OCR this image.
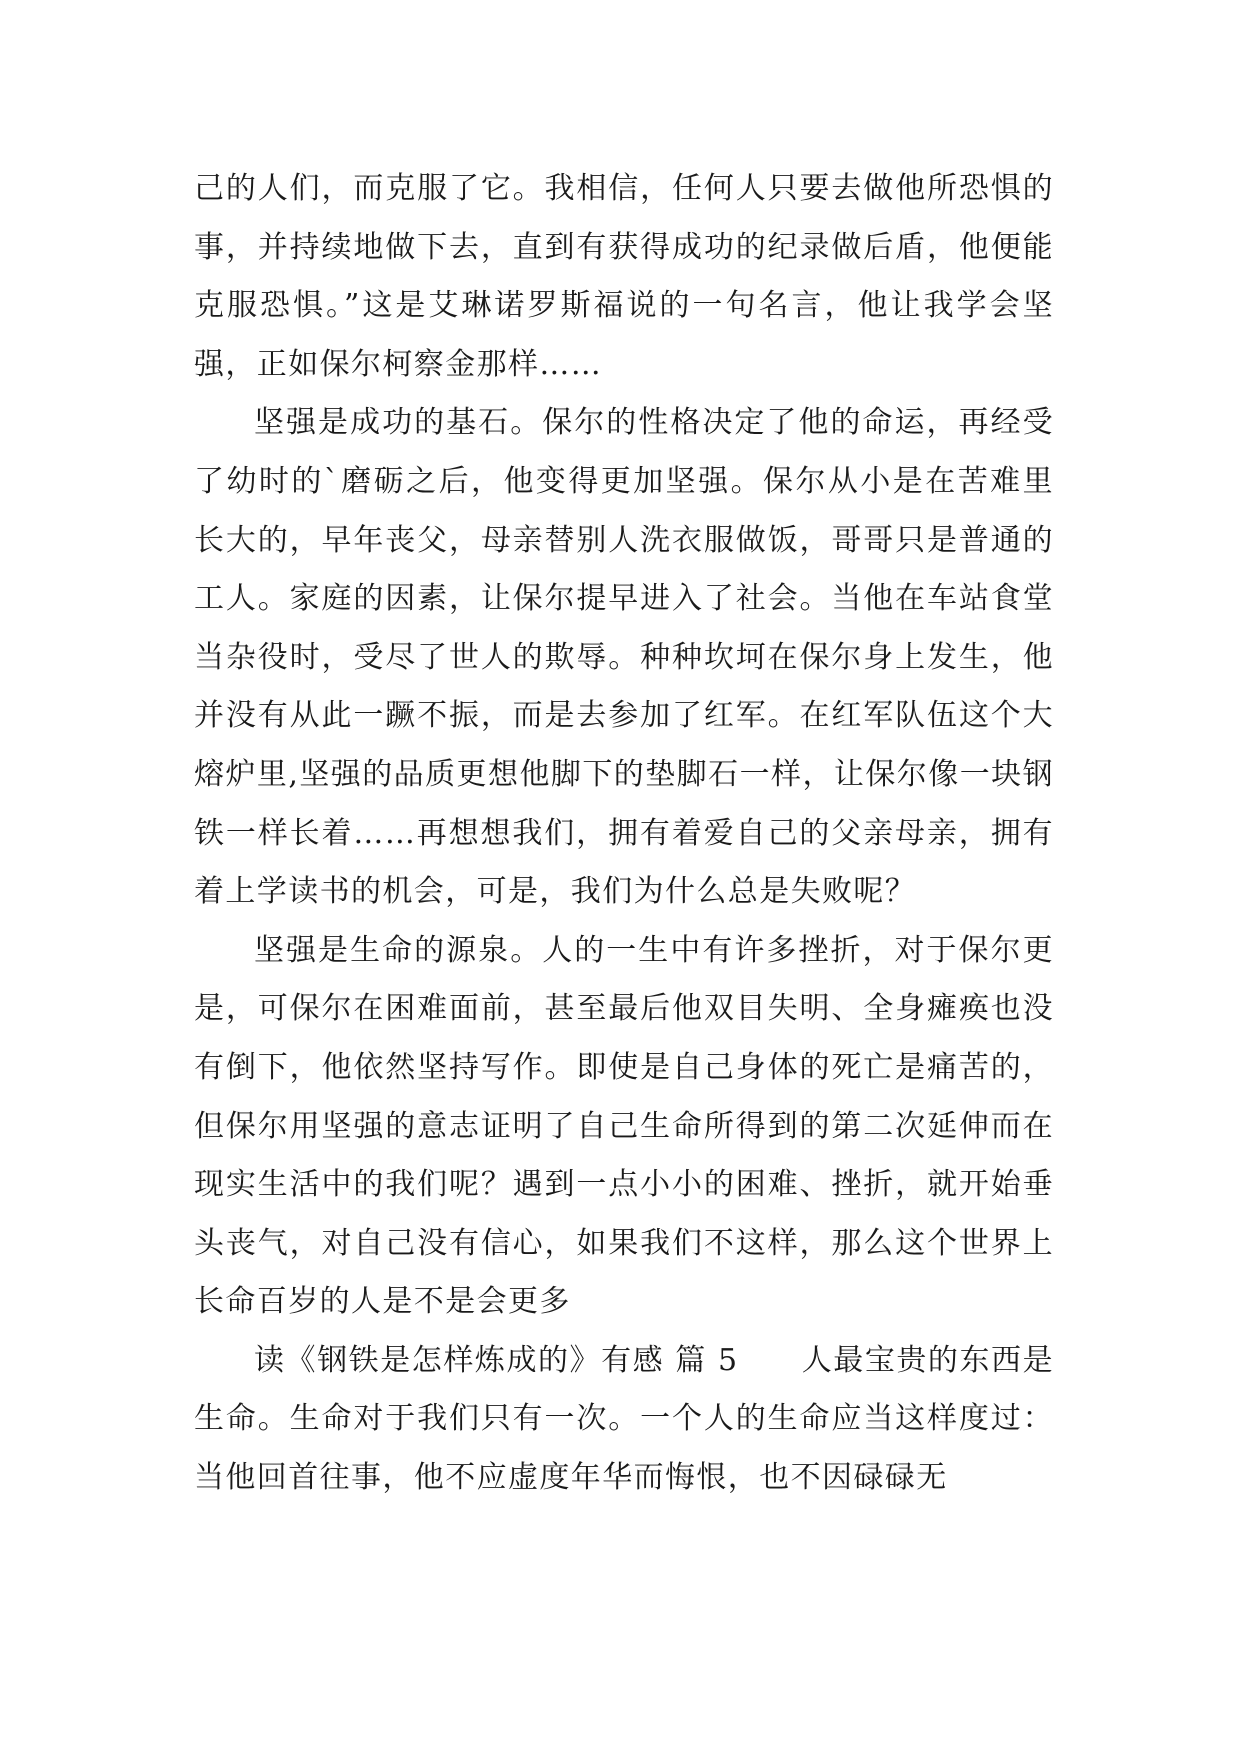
己的人们，而克服了它。我相信，任何人只要去做他所恐惧的事，并持续地做下去，直到有获得成功的纪录做后盾，他便能克服恐惧。”这是艾琳诺罗斯福说的一句名言，他让我学会坚强，正如保尔柯察金那样……

坚强是成功的基石。保尔的性格决定了他的命运，再经受了幼时的`磨砺之后，他变得更加坚强。保尔从小是在苦难里长大的，早年丧父，母亲替别人洗衣服做饭，哥哥只是普通的工人。家庭的因素，让保尔提早进入了社会。当他在车站食堂当杂役时，受尽了世人的欺辱。种种坎坷在保尔身上发生，他并没有从此一蹶不振，而是去参加了红军。在红军队伍这个大熔炉里,坚强的品质更想他脚下的垫脚石一样，让保尔像一块钢铁一样长着……再想想我们，拥有着爱自己的父亲母亲，拥有着上学读书的机会，可是，我们为什么总是失败呢？

坚强是生命的源泉。人的一生中有许多挫折，对于保尔更是，可保尔在困难面前，甚至最后他双目失明、全身瘫痪也没有倒下，他依然坚持写作。即使是自己身体的死亡是痛苦的，但保尔用坚强的意志证明了自己生命所得到的第二次延伸而在现实生活中的我们呢？遇到一点小小的困难、挫折，就开始垂头丧气，对自己没有信心，如果我们不这样，那么这个世界上长命百岁的人是不是会更多

读《钢铁是怎样炼成的》有感 篇 5　　人最宝贵的东西是生命。生命对于我们只有一次。一个人的生命应当这样度过：当他回首往事，他不应虚度年华而悔恨，也不因碌碌无
